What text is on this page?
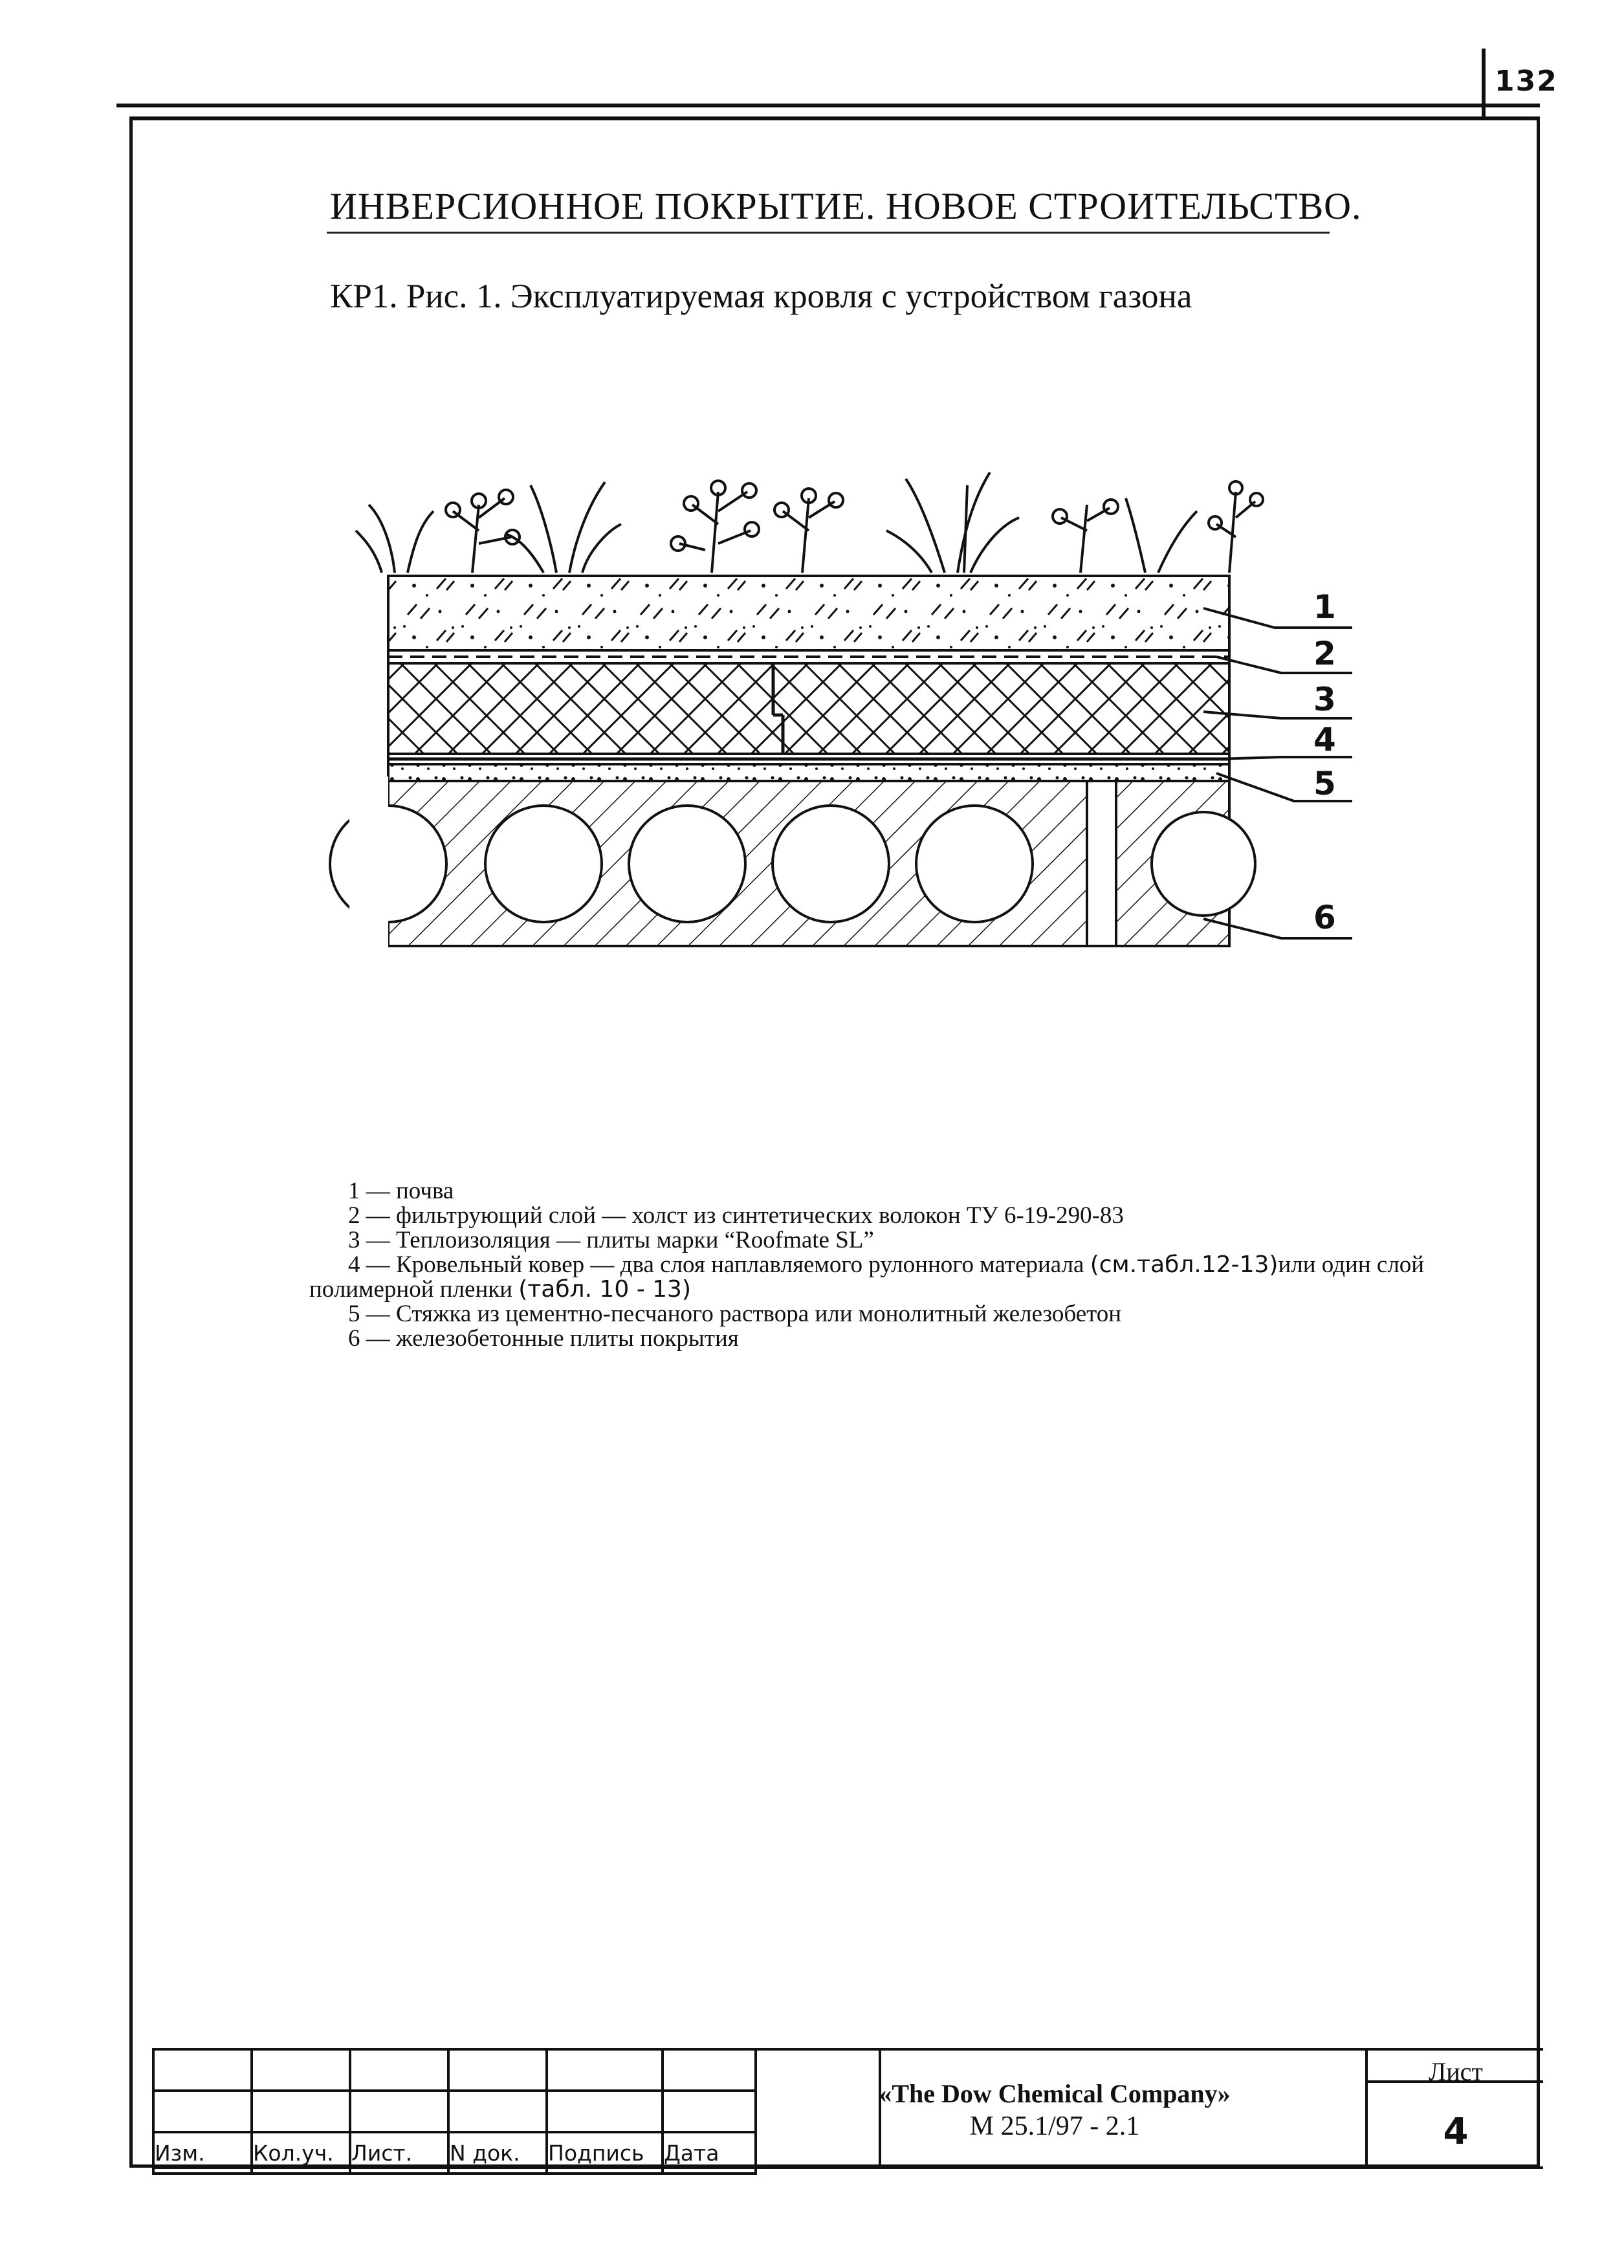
132
ИНВЕРСИОННОЕ ПОКРЫТИЕ. НОВОЕ СТРОИТЕЛЬСТВО.
КР1. Рис. 1. Эксплуатируемая кровля с устройством газона
1
2
3
4
5
6
1 — почва
2 — фильтрующий слой — холст из синтетических волокон ТУ 6-19-290-83
3 — Теплоизоляция — плиты марки “Roofmate SL”
4 — Кровельный ковер — два слоя наплавляемого рулонного материала (см.табл.12-13)или один слой
полимерной пленки (табл. 10 - 13)
5 — Стяжка из цементно-песчаного раствора или монолитный железобетон
6 — железобетонные плиты покрытия

Изм.	Кол.уч.	Лист.	N док.	Подпись	Дата
«The Dow Chemical Company»
М 25.1/97 - 2.1
Лист
4
